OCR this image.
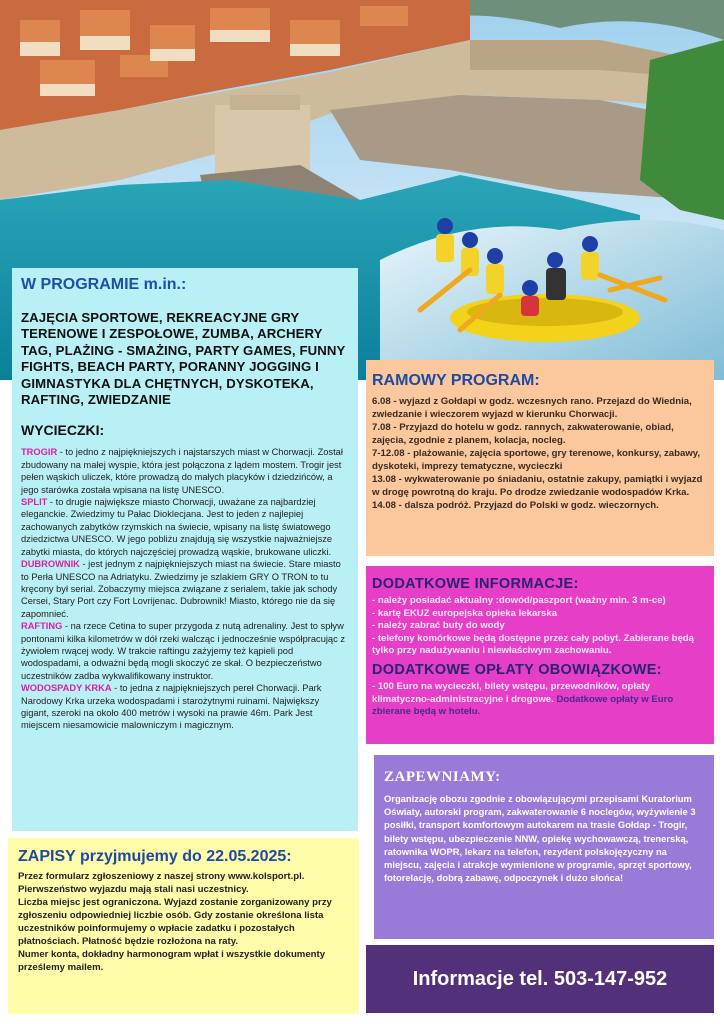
W PROGRAMIE m.in.:
ZAJĘCIA SPORTOWE, REKREACYJNE GRY TERENOWE I ZESPOŁOWE, ZUMBA, ARCHERY TAG, PLAŻING - SMAŻING, PARTY GAMES, FUNNY FIGHTS, BEACH PARTY, PORANNY JOGGING I GIMNASTYKA DLA CHĘTNYCH, DYSKOTEKA, RAFTING, ZWIEDZANIE
WYCIECZKI:

TROGIR - to jedno z najpiękniejszych i najstarszych miast w Chorwacji. Został zbudowany na małej wyspie, która jest połączona z lądem mostem. Trogir jest pełen wąskich uliczek, które prowadzą do małych placyków i dziedzińców, a jego starówka została wpisana na listę UNESCO.

SPLIT - to drugie największe miasto Chorwacji, uważane za najbardziej eleganckie. Zwiedzimy tu Pałac Dioklecjana. Jest to jeden z najlepiej zachowanych zabytków rzymskich na świecie, wpisany na listę światowego dziedzictwa UNESCO. W jego pobliżu znajdują się wszystkie najważniejsze zabytki miasta, do których najczęściej prowadzą wąskie, brukowane uliczki.

DUBROWNIK - jest jednym z najpiękniejszych miast na świecie. Stare miasto to Perła UNESCO na Adriatyku. Zwiedzimy je szlakiem GRY O TRON to tu kręcony był serial. Zobaczymy miejsca związane z serialem, takie jak schody Cersei, Stary Port czy Fort Lovrijenac. Dubrownik! Miasto, którego nie da się zapomnieć.

RAFTING - na rzece Cetina to super przygoda z nutą adrenaliny. Jest to spływ pontonami kilka kilometrów w dół rzeki walcząc i jednocześnie współpracując z żywiołem rwącej wody. W trakcie raftingu zażyjemy też kąpieli pod wodospadami, a odważni będą mogli skoczyć ze skał. O bezpieczeństwo uczestników zadba wykwalifikowany instruktor.

WODOSPADY KRKA - to jedna z najpiękniejszych pereł Chorwacji. Park Narodowy Krka urzeka wodospadami i starożytnymi ruinami. Największy gigant, szeroki na około 400 metrów i wysoki na prawie 46m. Park Jest miejscem niesamowicie malowniczym i magicznym.

RAMOWY PROGRAM:

6.08 - wyjazd z Gołdapi w godz. wczesnych rano. Przejazd do Wiednia, zwiedzanie i wieczorem wyjazd w kierunku Chorwacji.

7.08 - Przyjazd do hotelu w godz. rannych, zakwaterowanie, obiad, zajęcia, zgodnie z planem, kolacja, nocleg.

7-12.08 - plażowanie, zajęcia sportowe, gry terenowe, konkursy, zabawy, dyskoteki, imprezy tematyczne, wycieczki

13.08 - wykwaterowanie po śniadaniu, ostatnie zakupy, pamiątki i wyjazd w drogę powrotną do kraju. Po drodze zwiedzanie wodospadów Krka.

14.08 - dalsza podróż. Przyjazd do Polski w godz. wieczornych.

DODATKOWE INFORMACJE:

- należy posiadać aktualny :dowód/paszport (ważny min. 3 m-ce)

- kartę EKUZ europejska opieka lekarska

- należy zabrać buty do wody

- telefony komórkowe będą dostępne przez cały pobyt. Zabierane będą tylko przy nadużywaniu i niewłaściwym zachowaniu.

DODATKOWE OPŁATY OBOWIĄZKOWE:
- 100 Euro na wycieczki, bilety wstępu, przewodników, opłaty klimatyczno-administracyjne i drogowe. Dodatkowe opłaty w Euro zbierane będą w hotelu.
ZAPEWNIAMY:
Organizację obozu zgodnie z obowiązującymi przepisami Kuratorium Oświaty, autorski program, zakwaterowanie 6 noclegów, wyżywienie 3 posiłki, transport komfortowym autokarem na trasie Gołdap - Trogir, bilety wstępu, ubezpieczenie NNW, opiekę wychowawczą, trenerską, ratownika WOPR, lekarz na telefon, rezydent polskojęzyczny na miejscu, zajęcia i atrakcje wymienione w programie, sprzęt sportowy, fotorelację, dobrą zabawę, odpoczynek i dużo słońca!
Informacje tel. 503-147-952
ZAPISY przyjmujemy do 22.05.2025:

Przez formularz zgłoszeniowy z naszej strony www.kolsport.pl.

Pierwszeństwo wyjazdu mają stali nasi uczestnicy.

Liczba miejsc jest ograniczona. Wyjazd zostanie zorganizowany przy zgłoszeniu odpowiedniej liczbie osób. Gdy zostanie określona lista uczestników poinformujemy o wpłacie zadatku i pozostałych płatnościach. Płatność będzie rozłożona na raty.

Numer konta, dokładny harmonogram wpłat i wszystkie dokumenty prześlemy mailem.
